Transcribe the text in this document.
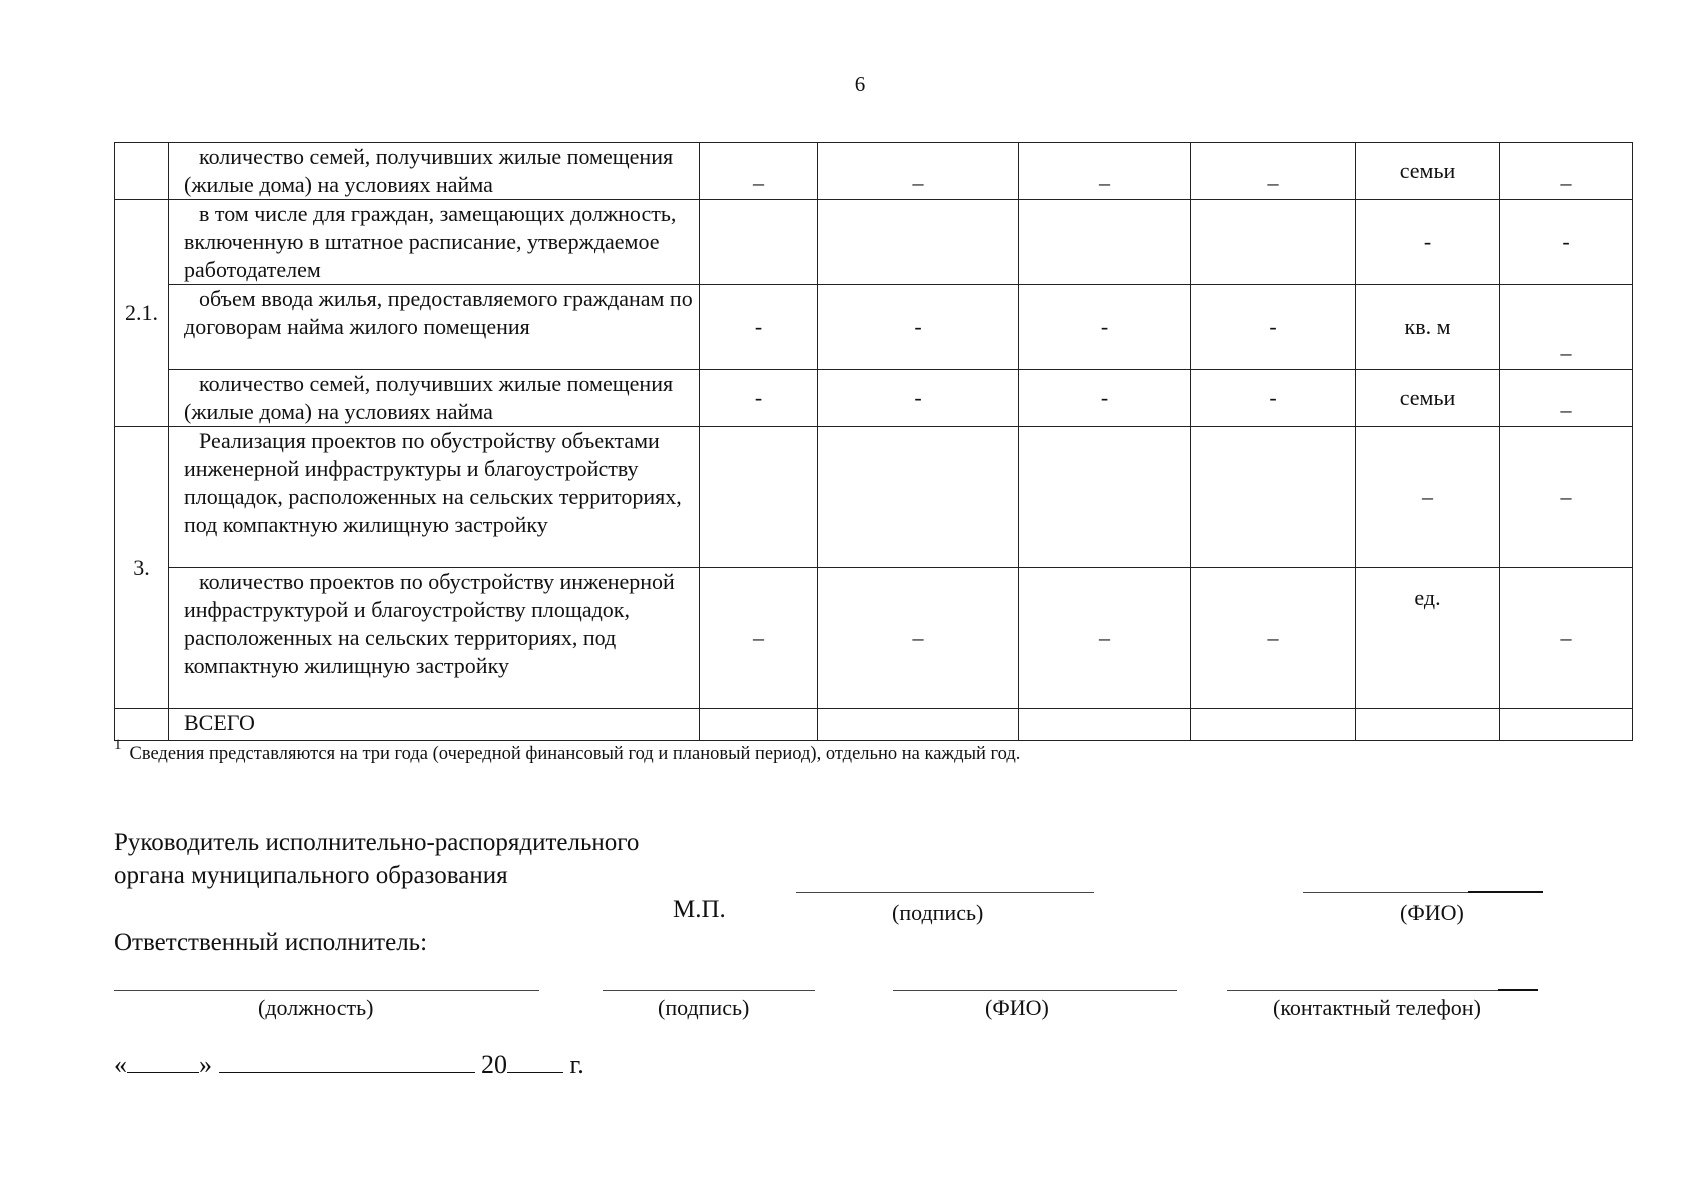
6
	количество семей, получивших жилые помещения (жилые дома) на условиях найма	–	–	–	–	семьи	–
2.1.	в том числе для граждан, замещающих должность, включенную в штатное расписание, утверждаемое работодателем					-	-
	объем ввода жилья, предоставляемого гражданам по договорам найма жилого помещения	-	-	-	-	кв. м	–
	количество семей, получивших жилые помещения (жилые дома) на условиях найма	-	-	-	-	семьи	–
3.	Реализация проектов по обустройству объектами инженерной инфраструктуры и благоустройству площадок, расположенных на сельских территориях, под компактную жилищную застройку					–	–
	количество проектов по обустройству инженерной инфраструктурой и благоустройству площадок, расположенных на сельских территориях, под компактную жилищную застройку	–	–	–	–	ед.	–
	ВСЕГО						
$^1$ Сведения представляются на три года (очередной финансовый год и плановый период), отдельно на каждый год.
Руководитель исполнительно-распорядительного
органа муниципального образования
М.П.	(подпись)	(ФИО)
Ответственный исполнитель:
(должность)	(подпись)	(ФИО)	(контактный телефон)
«	»	20 г.
